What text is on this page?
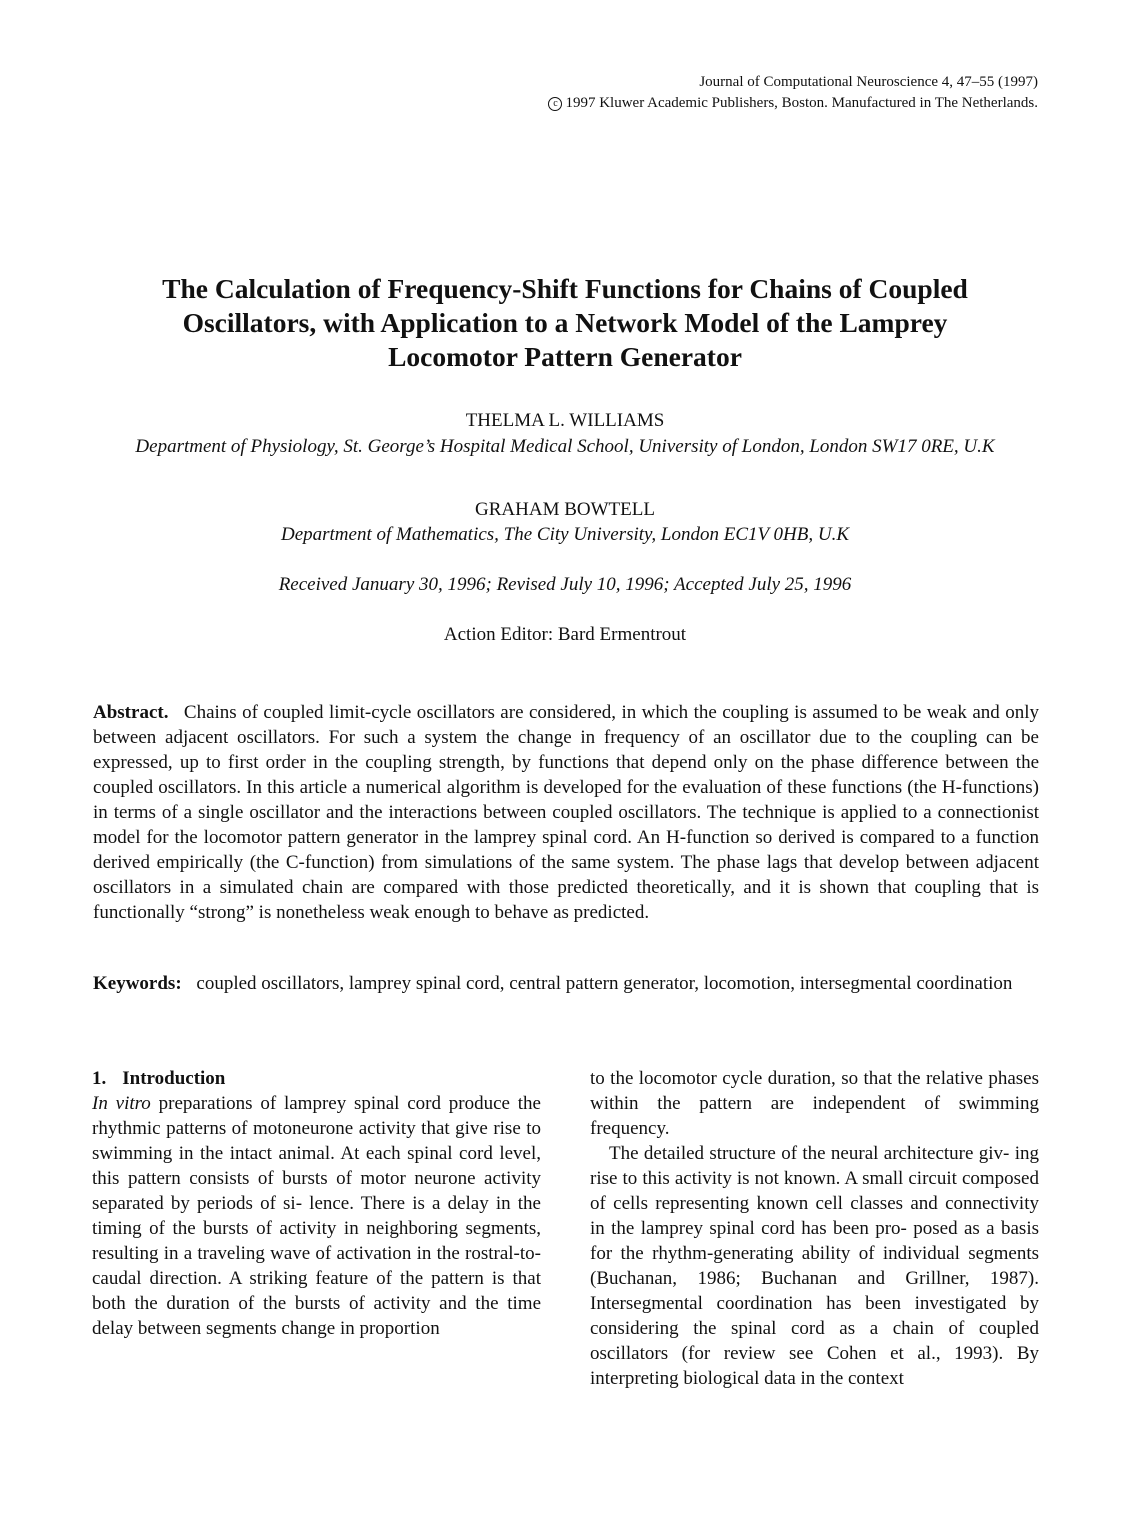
Journal of Computational Neuroscience 4, 47–55 (1997)
c 1997 Kluwer Academic Publishers, Boston. Manufactured in The Netherlands.
The Calculation of Frequency-Shift Functions for Chains of Coupled
Oscillators, with Application to a Network Model of the Lamprey
Locomotor Pattern Generator

THELMA L. WILLIAMS

Department of Physiology, St. George’s Hospital Medical School, University of London, London SW17 0RE, U.K

GRAHAM BOWTELL

Department of Mathematics, The City University, London EC1V 0HB, U.K

Received January 30, 1996; Revised July 10, 1996; Accepted July 25, 1996

Action Editor: Bard Ermentrout

Abstract. Chains of coupled limit-cycle oscillators are considered, in which the coupling is assumed to be weak and only between adjacent oscillators. For such a system the change in frequency of an oscillator due to the coupling can be expressed, up to first order in the coupling strength, by functions that depend only on the phase difference between the coupled oscillators. In this article a numerical algorithm is developed for the evaluation of these functions (the H-functions) in terms of a single oscillator and the interactions between coupled oscillators. The technique is applied to a connectionist model for the locomotor pattern generator in the lamprey spinal cord. An H-function so derived is compared to a function derived empirically (the C-function) from simulations of the same system. The phase lags that develop between adjacent oscillators in a simulated chain are compared with those predicted theoretically, and it is shown that coupling that is functionally “strong” is nonetheless weak enough to behave as predicted.

Keywords: coupled oscillators, lamprey spinal cord, central pattern generator, locomotion, intersegmental coordination

1. Introduction

In vitro preparations of lamprey spinal cord produce the rhythmic patterns of motoneurone activity that give rise to swimming in the intact animal. At each spinal cord level, this pattern consists of bursts of motor neurone activity separated by periods of si- lence. There is a delay in the timing of the bursts of activity in neighboring segments, resulting in a traveling wave of activation in the rostral-to-caudal direction. A striking feature of the pattern is that both the duration of the bursts of activity and the time delay between segments change in proportion

to the locomotor cycle duration, so that the relative phases within the pattern are independent of swimming frequency.

The detailed structure of the neural architecture giv- ing rise to this activity is not known. A small circuit composed of cells representing known cell classes and connectivity in the lamprey spinal cord has been pro- posed as a basis for the rhythm-generating ability of individual segments (Buchanan, 1986; Buchanan and Grillner, 1987). Intersegmental coordination has been investigated by considering the spinal cord as a chain of coupled oscillators (for review see Cohen et al., 1993). By interpreting biological data in the context
